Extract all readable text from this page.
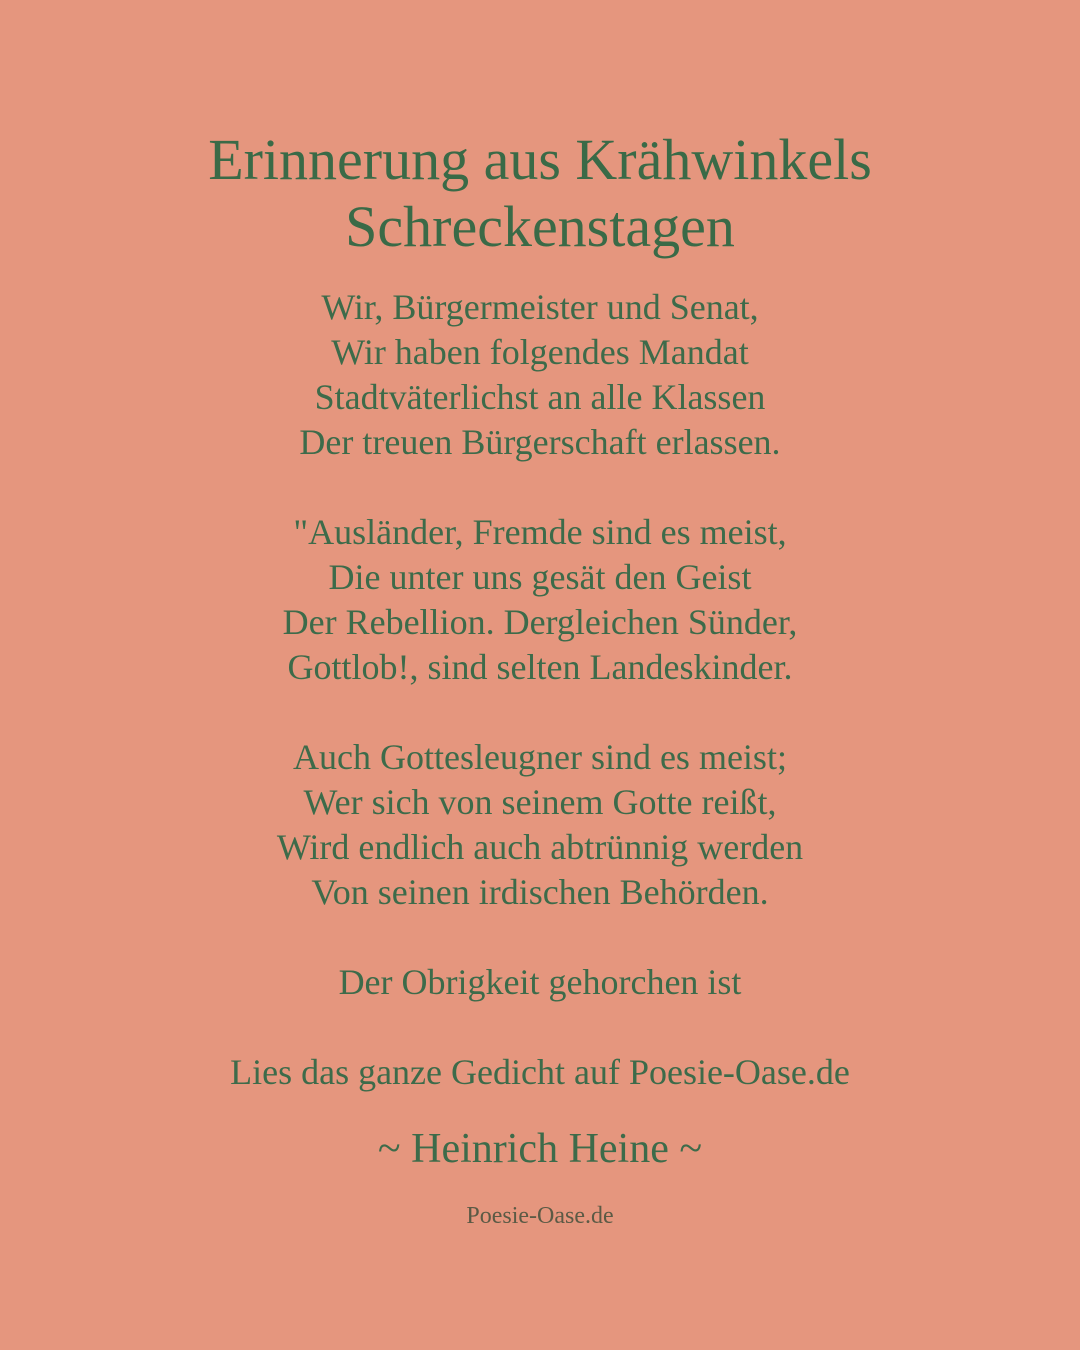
Erinnerung aus Krähwinkels
Schreckenstagen
Wir, Bürgermeister und Senat,
Wir haben folgendes Mandat
Stadtväterlichst an alle Klassen
Der treuen Bürgerschaft erlassen.
"Ausländer, Fremde sind es meist,
Die unter uns gesät den Geist
Der Rebellion. Dergleichen Sünder,
Gottlob!, sind selten Landeskinder.
Auch Gottesleugner sind es meist;
Wer sich von seinem Gotte reißt,
Wird endlich auch abtrünnig werden
Von seinen irdischen Behörden.
Der Obrigkeit gehorchen ist
Lies das ganze Gedicht auf Poesie-Oase.de
~ Heinrich Heine ~
Poesie-Oase.de
